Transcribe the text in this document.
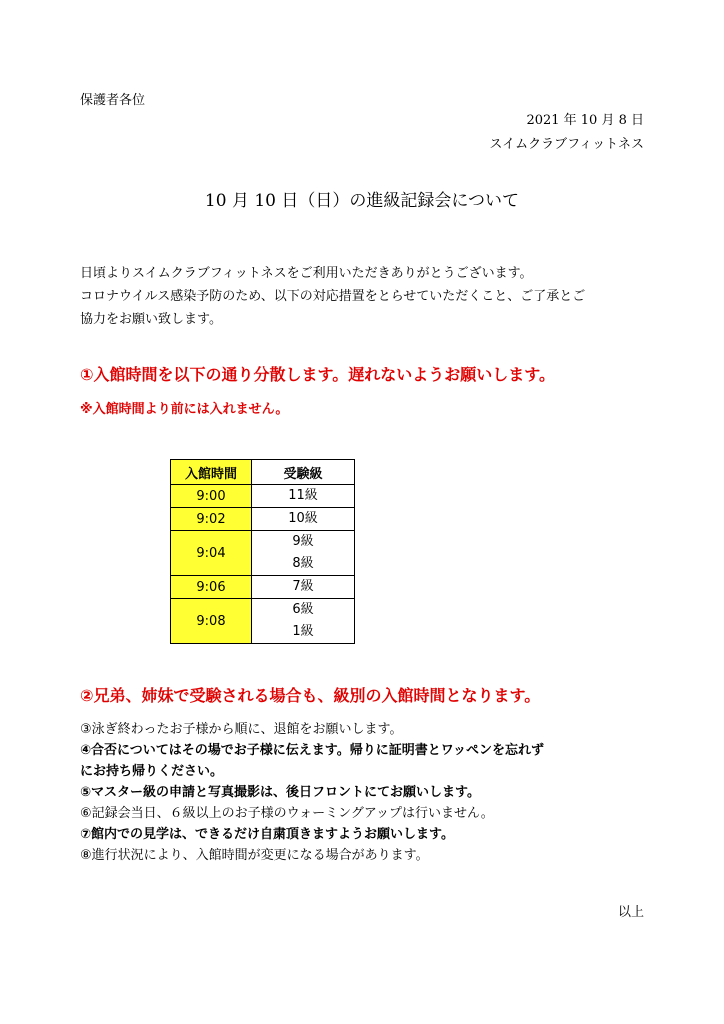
保護者各位
2021 年 10 月 8 日
スイムクラブフィットネス
10 月 10 日（日）の進級記録会について
日頃よりスイムクラブフィットネスをご利用いただきありがとうございます。
コロナウイルス感染予防のため、以下の対応措置をとらせていただくこと、ご了承とご
協力をお願い致します。
①入館時間を以下の通り分散します。遅れないようお願いします。
※入館時間より前には入れません。
入館時間	受験級
9:00	11級

9:02	10級

9:04	9級
8級

9:06	7級

9:08	6級
1級
②兄弟、姉妹で受験される場合も、級別の入館時間となります。
③泳ぎ終わったお子様から順に、退館をお願いします。
④合否についてはその場でお子様に伝えます。帰りに証明書とワッペンを忘れず
にお持ち帰りください。
⑤マスター級の申請と写真撮影は、後日フロントにてお願いします。
⑥記録会当日、６級以上のお子様のウォーミングアップは行いません。
⑦館内での見学は、できるだけ自粛頂きますようお願いします。
⑧進行状況により、入館時間が変更になる場合があります。
以上
